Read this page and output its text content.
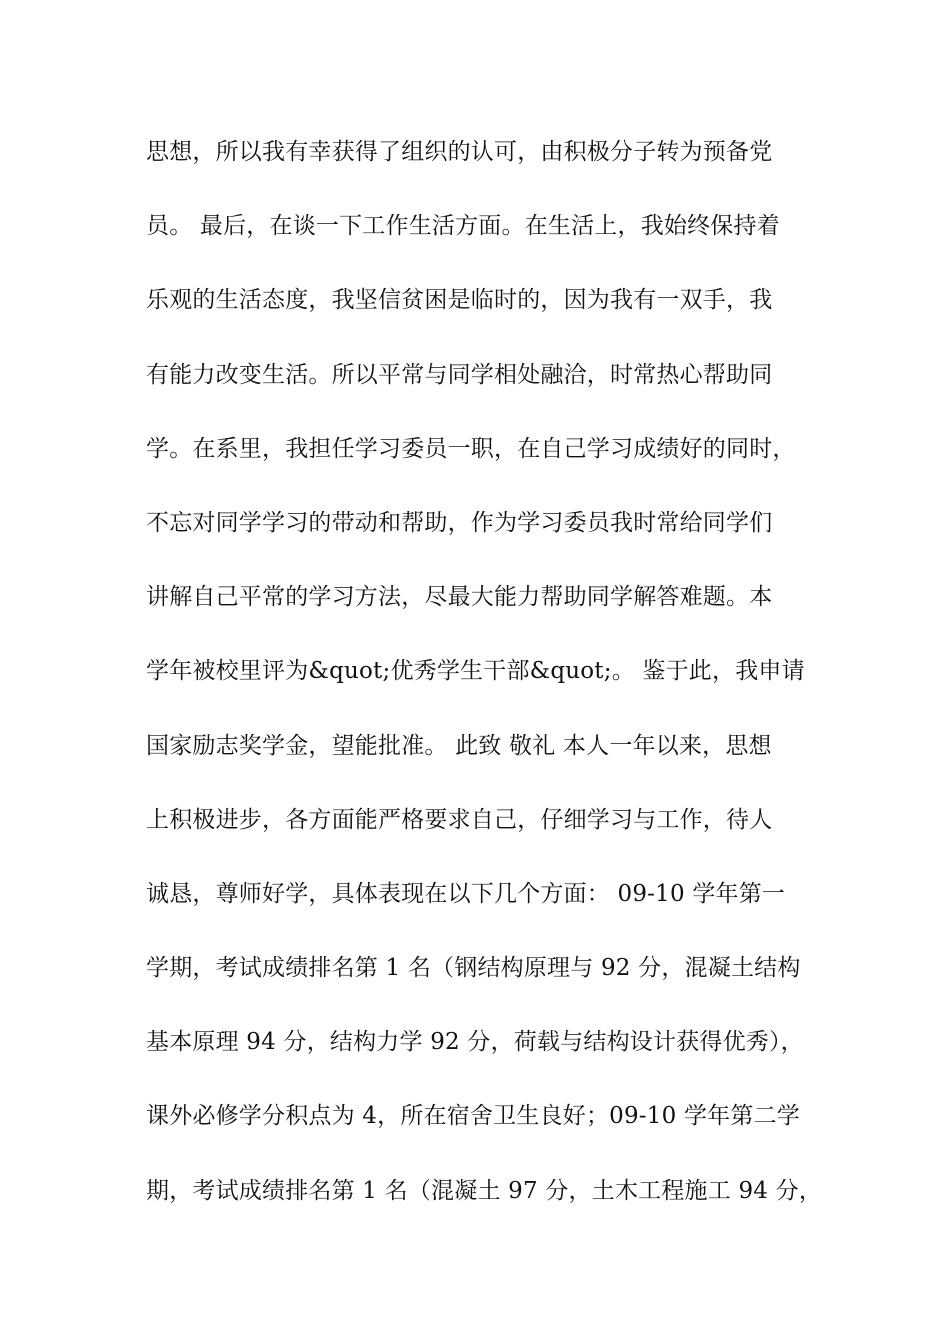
思想，所以我有幸获得了组织的认可，由积极分子转为预备党
员。 最后，在谈一下工作生活方面。在生活上，我始终保持着
乐观的生活态度，我坚信贫困是临时的，因为我有一双手，我
有能力改变生活。所以平常与同学相处融洽，时常热心帮助同
学。在系里，我担任学习委员一职，在自己学习成绩好的同时，
不忘对同学学习的带动和帮助，作为学习委员我时常给同学们
讲解自己平常的学习方法，尽最大能力帮助同学解答难题。本
学年被校里评为&quot;优秀学生干部&quot;。 鉴于此，我申请
国家励志奖学金，望能批准。 此致 敬礼 本人一年以来，思想
上积极进步，各方面能严格要求自己，仔细学习与工作，待人
诚恳，尊师好学，具体表现在以下几个方面： 09-10 学年第一
学期，考试成绩排名第 1 名（钢结构原理与 92 分，混凝土结构
基本原理 94 分，结构力学 92 分，荷载与结构设计获得优秀），
课外必修学分积点为 4，所在宿舍卫生良好；09-10 学年第二学
期，考试成绩排名第 1 名（混凝土 97 分，土木工程施工 94 分，
